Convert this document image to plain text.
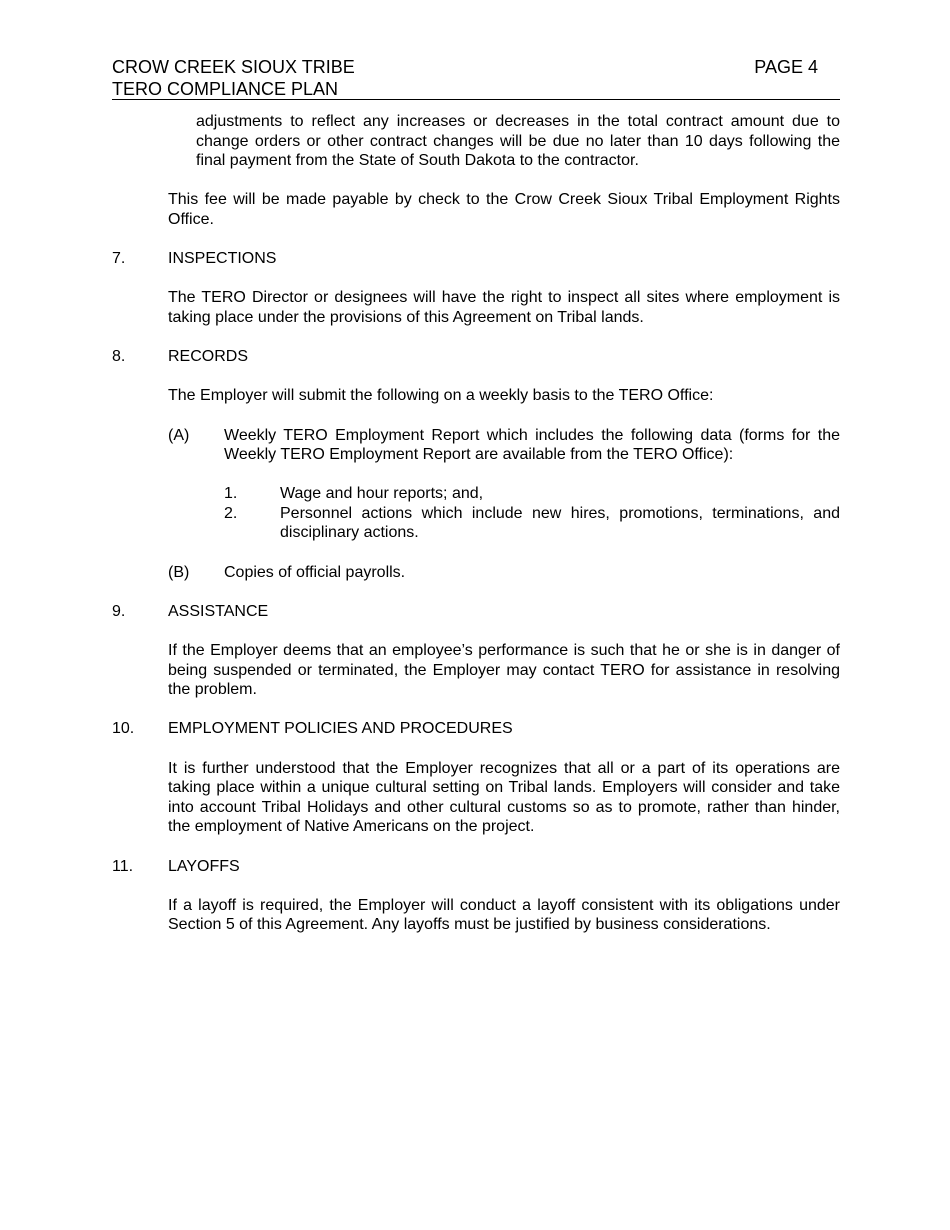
CROW CREEK SIOUX TRIBE
TERO COMPLIANCE PLAN
PAGE 4

adjustments to reflect any increases or decreases in the total contract amount due to change orders or other contract changes will be due no later than 10 days following the final payment from the State of South Dakota to the contractor.

This fee will be made payable by check to the Crow Creek Sioux Tribal Employment Rights Office.

7.	INSPECTIONS

The TERO Director or designees will have the right to inspect all sites where employment is taking place under the provisions of this Agreement on Tribal lands.

8.	RECORDS

The Employer will submit the following on a weekly basis to the TERO Office:

(A)	Weekly TERO Employment Report which includes the following data (forms for the Weekly TERO Employment Report are available from the TERO Office):
1.	Wage and hour reports; and,
2.	Personnel actions which include new hires, promotions, terminations, and disciplinary actions.
(B)	Copies of official payrolls.
9.	ASSISTANCE

If the Employer deems that an employee’s performance is such that he or she is in danger of being suspended or terminated, the Employer may contact TERO for assistance in resolving the problem.

10.	EMPLOYMENT POLICIES AND PROCEDURES

It is further understood that the Employer recognizes that all or a part of its operations are taking place within a unique cultural setting on Tribal lands. Employers will consider and take into account Tribal Holidays and other cultural customs so as to promote, rather than hinder, the employment of Native Americans on the project.

11.	LAYOFFS

If a layoff is required, the Employer will conduct a layoff consistent with its obligations under Section 5 of this Agreement. Any layoffs must be justified by business considerations.
